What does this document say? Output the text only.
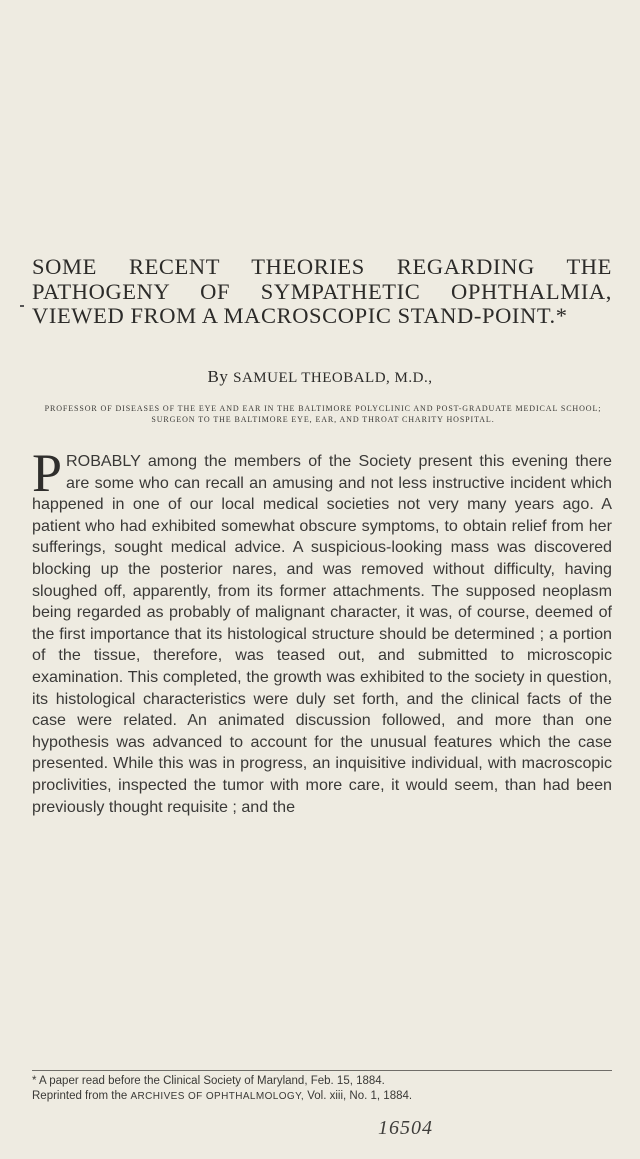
SOME RECENT THEORIES REGARDING THE PATHOGENY OF SYMPATHETIC OPHTHALMIA, VIEWED FROM A MACROSCOPIC STAND-POINT.*
By SAMUEL THEOBALD, M.D.,
PROFESSOR OF DISEASES OF THE EYE AND EAR IN THE BALTIMORE POLYCLINIC AND POST-GRADUATE MEDICAL SCHOOL; SURGEON TO THE BALTIMORE EYE, EAR, AND THROAT CHARITY HOSPITAL.

PROBABLY among the members of the Society present this evening there are some who can recall an amusing and not less instructive incident which happened in one of our local medical societies not very many years ago. A patient who had exhibited somewhat obscure symptoms, to obtain relief from her sufferings, sought medical advice. A suspicious-looking mass was discovered blocking up the posterior nares, and was removed without difficulty, having sloughed off, apparently, from its former attachments. The supposed neoplasm being regarded as probably of malignant character, it was, of course, deemed of the first importance that its histological structure should be determined ; a portion of the tissue, therefore, was teased out, and submitted to microscopic examination. This completed, the growth was exhibited to the society in question, its histological characteristics were duly set forth, and the clinical facts of the case were related. An animated discussion followed, and more than one hypothesis was advanced to account for the unusual features which the case presented. While this was in progress, an inquisitive individual, with macroscopic proclivities, inspected the tumor with more care, it would seem, than had been previously thought requisite ; and the

* A paper read before the Clinical Society of Maryland, Feb. 15, 1884.
Reprinted from the ARCHIVES OF OPHTHALMOLOGY, Vol. xiii, No. 1, 1884.
16504
